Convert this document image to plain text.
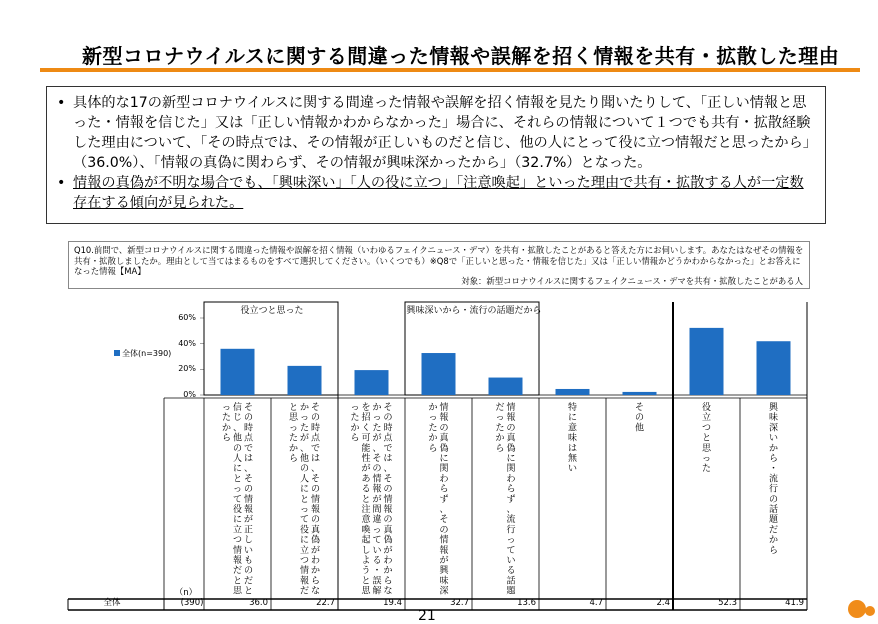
新型コロナウイルスに関する間違った情報や誤解を招く情報を共有・拡散した理由
• 具体的な17の新型コロナウイルスに関する間違った情報や誤解を招く情報を見たり聞いたりして、「正しい情報と思った・情報を信じた」又は「正しい情報かわからなかった」場合に、それらの情報について１つでも共有・拡散経験した理由について、「その時点では、その情報が正しいものだと信じ、他の人にとって役に立つ情報だと思ったから」（36.0%）、「情報の真偽に関わらず、その情報が興味深かったから」（32.7%）となった。
• 情報の真偽が不明な場合でも、「興味深い」「人の役に立つ」「注意喚起」といった理由で共有・拡散する人が一定数存在する傾向が見られた。
Q10.前問で、新型コロナウイルスに関する間違った情報や誤解を招く情報（いわゆるフェイクニュース・デマ）を共有・拡散したことがあると答えた方にお伺いします。あなたはなぜその情報を共有・拡散しましたか。理由として当てはまるものをすべて選択してください。（いくつでも）※Q8で「正しいと思った・情報を信じた」又は「正しい情報かどうかわからなかった」とお答えになった情報【MA】
対象：新型コロナウイルスに関するフェイクニュース・デマを共有・拡散したことがある人
全体(n=390)
60%
40%
20%
0%
役立つと思った	興味深いから・流行の話題だから
（n）
全体	(390)
その時点では、その情報が正しいものだと信じ、他の人にとって役に立つ情報だと思ったから
36.0
その時点では、その情報の真偽がわからなかったが、他の人にとって役に立つ情報だと思ったから
22.7
その時点では、その情報の真偽がわからなかったが、その情報が間違っている・誤解を招く可能性があると注意喚起しようと思ったから
19.4
情報の真偽に関わらず、その情報が興味深かったから
32.7
情報の真偽に関わらず、流行っている話題だったから
13.6
特に意味は無い
4.7
その他
2.4
役立つと思った
52.3
興味深いから・流行の話題だから
41.9
21
